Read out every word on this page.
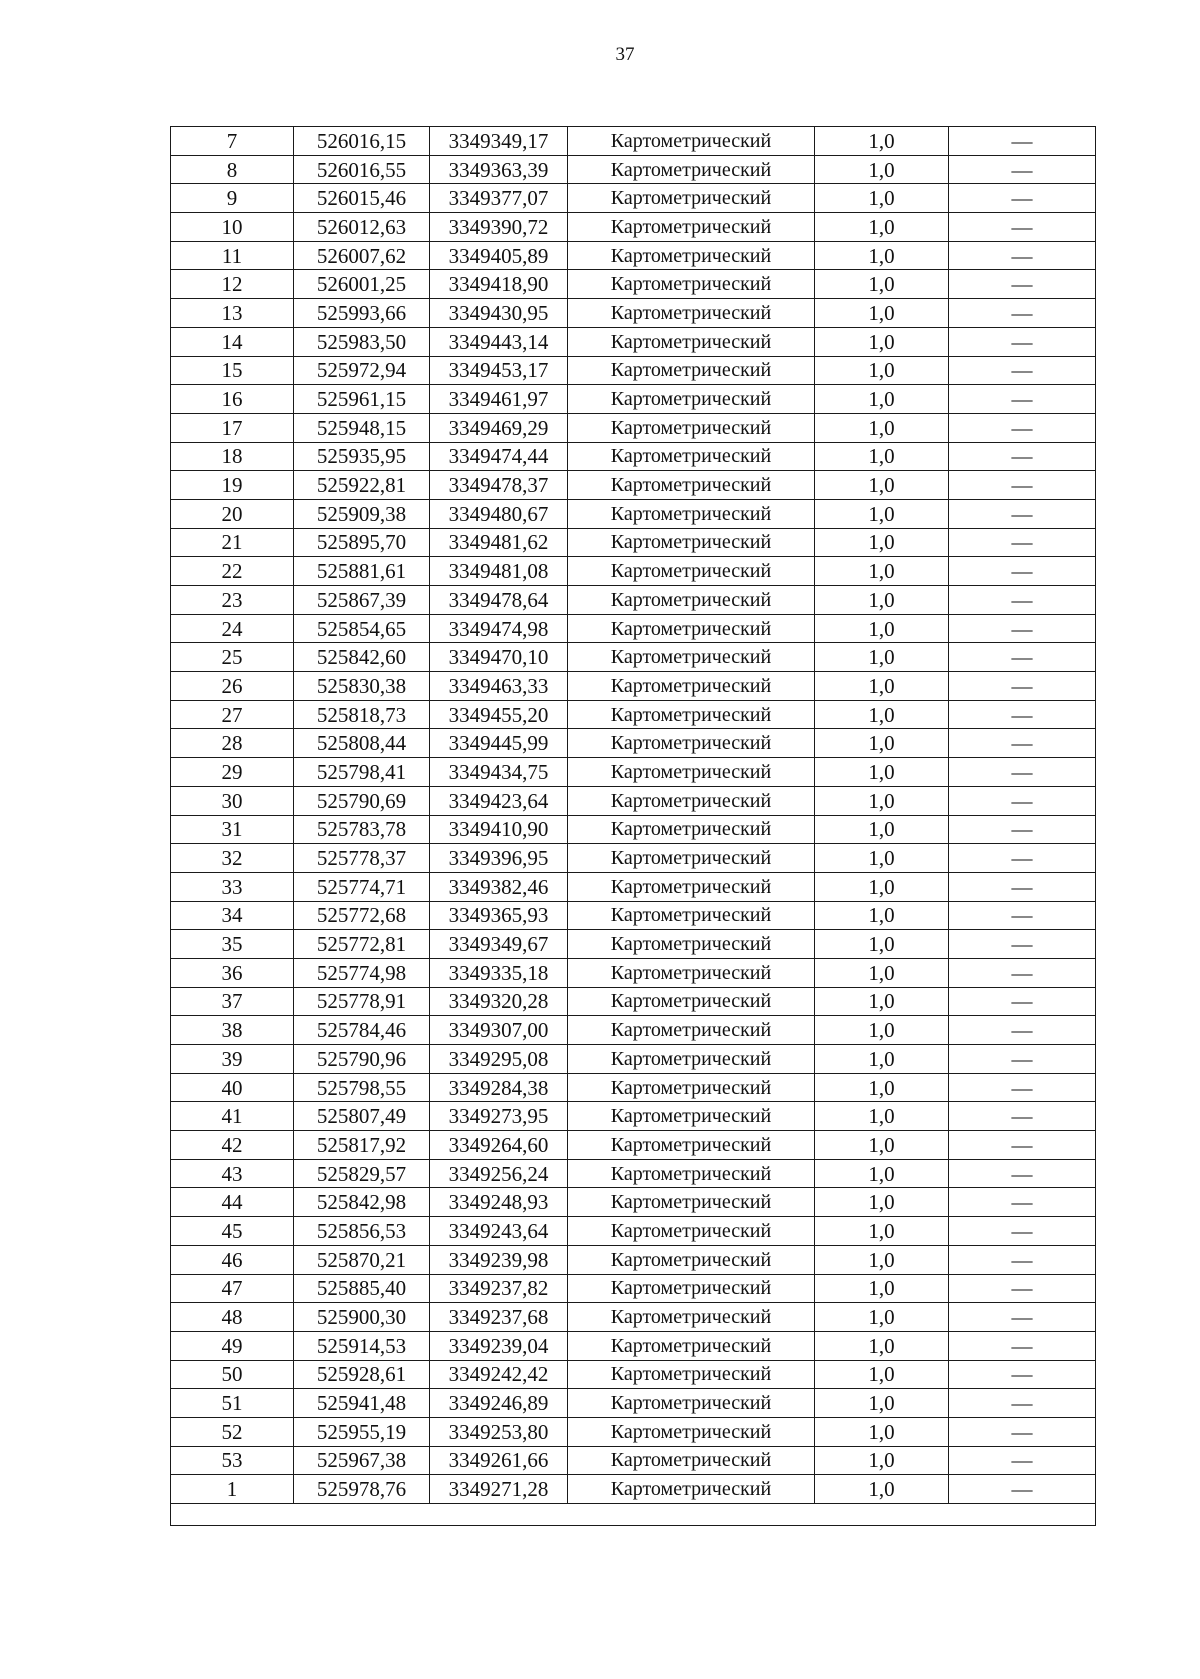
37
7	526016,15	3349349,17	Картометрический	1,0	—
8	526016,55	3349363,39	Картометрический	1,0	—
9	526015,46	3349377,07	Картометрический	1,0	—
10	526012,63	3349390,72	Картометрический	1,0	—
11	526007,62	3349405,89	Картометрический	1,0	—
12	526001,25	3349418,90	Картометрический	1,0	—
13	525993,66	3349430,95	Картометрический	1,0	—
14	525983,50	3349443,14	Картометрический	1,0	—
15	525972,94	3349453,17	Картометрический	1,0	—
16	525961,15	3349461,97	Картометрический	1,0	—
17	525948,15	3349469,29	Картометрический	1,0	—
18	525935,95	3349474,44	Картометрический	1,0	—
19	525922,81	3349478,37	Картометрический	1,0	—
20	525909,38	3349480,67	Картометрический	1,0	—
21	525895,70	3349481,62	Картометрический	1,0	—
22	525881,61	3349481,08	Картометрический	1,0	—
23	525867,39	3349478,64	Картометрический	1,0	—
24	525854,65	3349474,98	Картометрический	1,0	—
25	525842,60	3349470,10	Картометрический	1,0	—
26	525830,38	3349463,33	Картометрический	1,0	—
27	525818,73	3349455,20	Картометрический	1,0	—
28	525808,44	3349445,99	Картометрический	1,0	—
29	525798,41	3349434,75	Картометрический	1,0	—
30	525790,69	3349423,64	Картометрический	1,0	—
31	525783,78	3349410,90	Картометрический	1,0	—
32	525778,37	3349396,95	Картометрический	1,0	—
33	525774,71	3349382,46	Картометрический	1,0	—
34	525772,68	3349365,93	Картометрический	1,0	—
35	525772,81	3349349,67	Картометрический	1,0	—
36	525774,98	3349335,18	Картометрический	1,0	—
37	525778,91	3349320,28	Картометрический	1,0	—
38	525784,46	3349307,00	Картометрический	1,0	—
39	525790,96	3349295,08	Картометрический	1,0	—
40	525798,55	3349284,38	Картометрический	1,0	—
41	525807,49	3349273,95	Картометрический	1,0	—
42	525817,92	3349264,60	Картометрический	1,0	—
43	525829,57	3349256,24	Картометрический	1,0	—
44	525842,98	3349248,93	Картометрический	1,0	—
45	525856,53	3349243,64	Картометрический	1,0	—
46	525870,21	3349239,98	Картометрический	1,0	—
47	525885,40	3349237,82	Картометрический	1,0	—
48	525900,30	3349237,68	Картометрический	1,0	—
49	525914,53	3349239,04	Картометрический	1,0	—
50	525928,61	3349242,42	Картометрический	1,0	—
51	525941,48	3349246,89	Картометрический	1,0	—
52	525955,19	3349253,80	Картометрический	1,0	—
53	525967,38	3349261,66	Картометрический	1,0	—
1	525978,76	3349271,28	Картометрический	1,0	—
